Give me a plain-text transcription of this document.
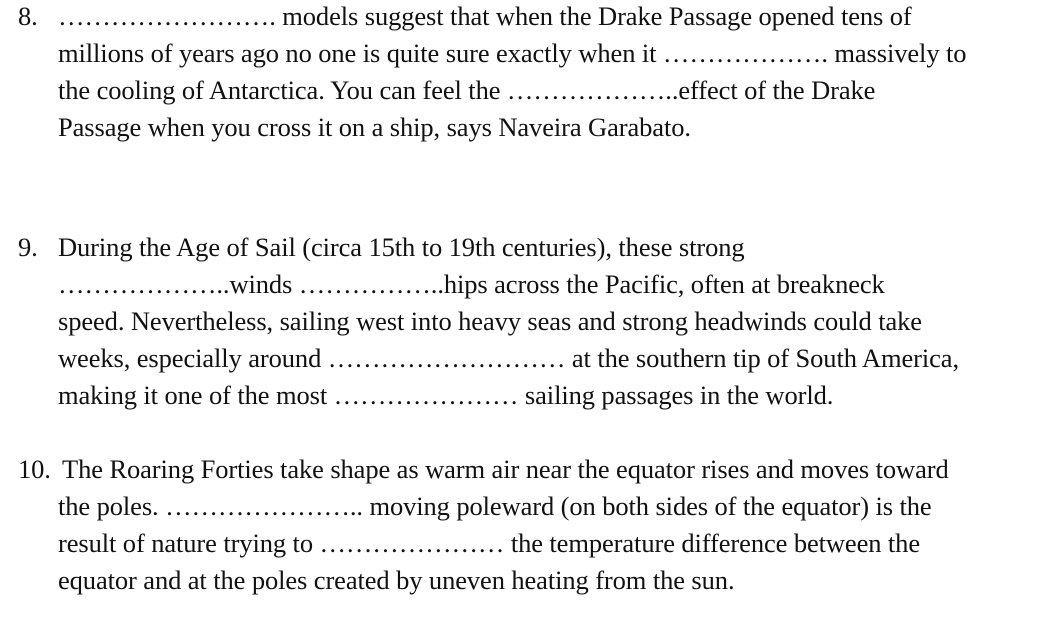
8. ……………………. models suggest that when the Drake Passage opened tens of
millions of years ago no one is quite sure exactly when it ………………. massively to
the cooling of Antarctica. You can feel the ………………..effect of the Drake
Passage when you cross it on a ship, says Naveira Garabato.
9. During the Age of Sail (circa 15th to 19th centuries), these strong
………………..winds ……………..hips across the Pacific, often at breakneck
speed. Nevertheless, sailing west into heavy seas and strong headwinds could take
weeks, especially around ……………………… at the southern tip of South America,
making it one of the most ………………… sailing passages in the world.
10. The Roaring Forties take shape as warm air near the equator rises and moves toward
the poles. ………………….. moving poleward (on both sides of the equator) is the
result of nature trying to ………………… the temperature difference between the
equator and at the poles created by uneven heating from the sun.
